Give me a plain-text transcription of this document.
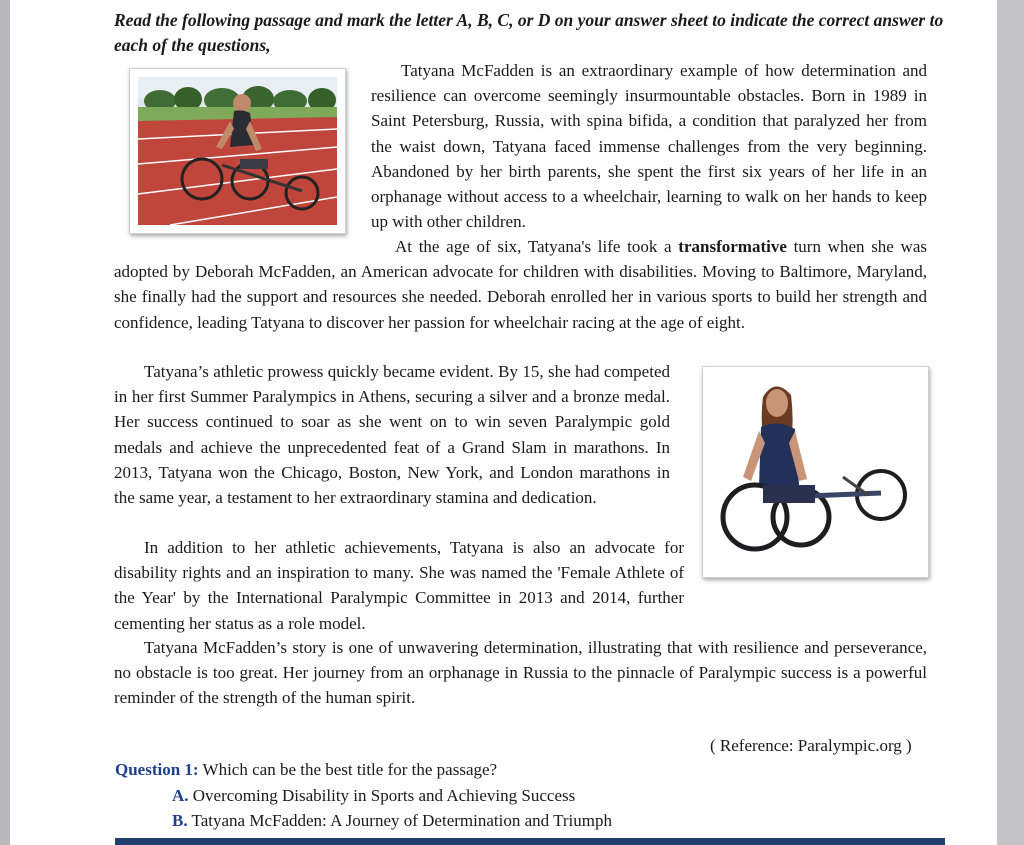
Read the following passage and mark the letter A, B, C, or D on your answer sheet to indicate the correct answer to each of the questions,

Tatyana McFadden is an extraordinary example of how determination and resilience can overcome seemingly insurmountable obstacles. Born in 1989 in Saint Petersburg, Russia, with spina bifida, a condition that paralyzed her from the waist down, Tatyana faced immense challenges from the very beginning. Abandoned by her birth parents, she spent the first six years of her life in an orphanage without access to a wheelchair, learning to walk on her hands to keep up with other children.

At the age of six, Tatyana's life took a transformative turn when she was adopted by Deborah McFadden, an American advocate for children with disabilities. Moving to Baltimore, Maryland, she finally had the support and resources she needed. Deborah enrolled her in various sports to build her strength and confidence, leading Tatyana to discover her passion for wheelchair racing at the age of eight.

Tatyana’s athletic prowess quickly became evident. By 15, she had competed in her first Summer Paralympics in Athens, securing a silver and a bronze medal. Her success continued to soar as she went on to win seven Paralympic gold medals and achieve the unprecedented feat of a Grand Slam in marathons. In 2013, Tatyana won the Chicago, Boston, New York, and London marathons in the same year, a testament to her extraordinary stamina and dedication.

In addition to her athletic achievements, Tatyana is also an advocate for disability rights and an inspiration to many. She was named the 'Female Athlete of the Year' by the International Paralympic Committee in 2013 and 2014, further cementing her status as a role model.

Tatyana McFadden’s story is one of unwavering determination, illustrating that with resilience and perseverance, no obstacle is too great. Her journey from an orphanage in Russia to the pinnacle of Paralympic success is a powerful reminder of the strength of the human spirit.

( Reference: Paralympic.org )

Question 1: Which can be the best title for the passage?

A. Overcoming Disability in Sports and Achieving Success

B. Tatyana McFadden: A Journey of Determination and Triumph
